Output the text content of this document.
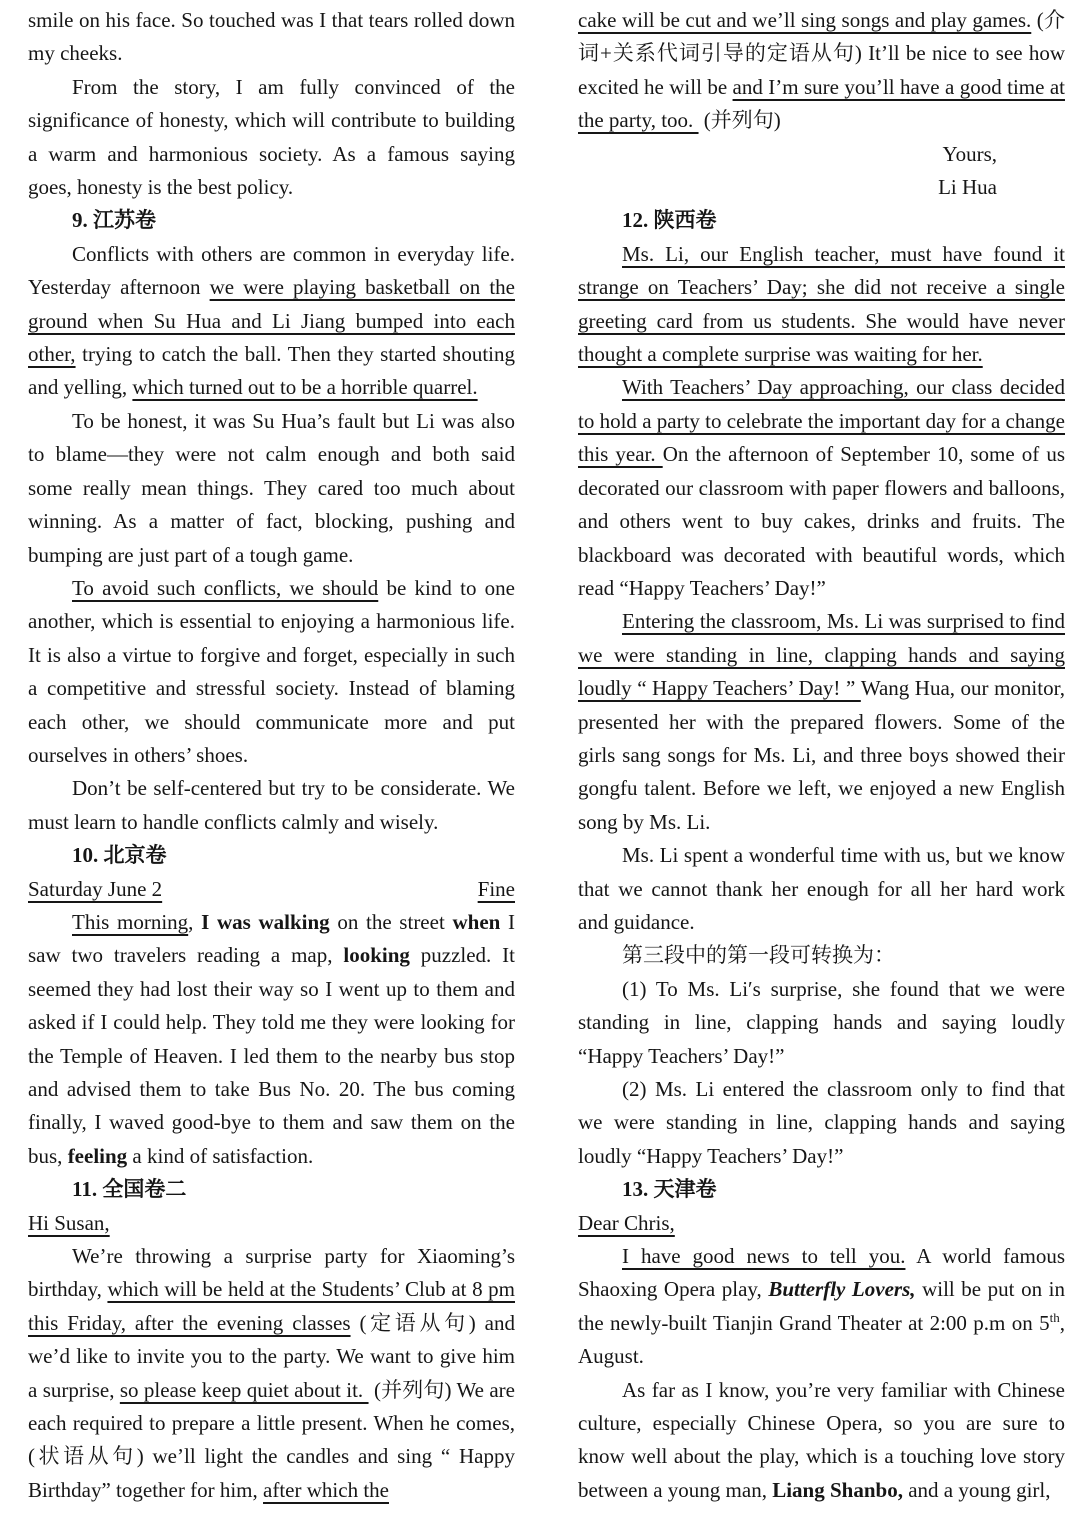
smile on his face. So touched was I that tears rolled down my cheeks.
From the story, I am fully convinced of the significance of honesty, which will contribute to building a warm and harmonious society. As a famous saying goes, honesty is the best policy.
9. 江苏卷
Conflicts with others are common in everyday life. Yesterday afternoon we were playing basketball on the ground when Su Hua and Li Jiang bumped into each other, trying to catch the ball. Then they started shouting and yelling, which turned out to be a horrible quarrel.
To be honest, it was Su Hua’s fault but Li was also to blame—they were not calm enough and both said some really mean things. They cared too much about winning. As a matter of fact, blocking, pushing and bumping are just part of a tough game.
To avoid such conflicts, we should be kind to one another, which is essential to enjoying a harmonious life. It is also a virtue to forgive and forget, especially in such a competitive and stressful society. Instead of blaming each other, we should communicate more and put ourselves in others’ shoes.
Don’t be self-centered but try to be considerate. We must learn to handle conflicts calmly and wisely.
10. 北京卷
Saturday June 2	Fine
This morning, I was walking on the street when I saw two travelers reading a map, looking puzzled. It seemed they had lost their way so I went up to them and asked if I could help. They told me they were looking for the Temple of Heaven. I led them to the nearby bus stop and advised them to take Bus No. 20. The bus coming finally, I waved good-bye to them and saw them on the bus, feeling a kind of satisfaction.
11. 全国卷二
Hi Susan,
We’re throwing a surprise party for Xiaoming’s birthday, which will be held at the Students’ Club at 8 pm this Friday, after the evening classes (定语从句) and we’d like to invite you to the party. We want to give him a surprise, so please keep quiet about it.  (并列句) We are each required to prepare a little present. When he comes, (状语从句) we’ll light the candles and sing “ Happy Birthday” together for him, after which the
cake will be cut and we’ll sing songs and play games. (介词+关系代词引导的定语从句) It’ll be nice to see how excited he will be and I’m sure you’ll have a good time at the party, too.  (并列句)
Yours,
Li Hua
12. 陕西卷
Ms. Li, our English teacher, must have found it strange on Teachers’ Day; she did not receive a single greeting card from us students. She would have never thought a complete surprise was waiting for her.
With Teachers’ Day approaching, our class decided to hold a party to celebrate the important day for a change this year. On the afternoon of September 10, some of us decorated our classroom with paper flowers and balloons, and others went to buy cakes, drinks and fruits. The blackboard was decorated with beautiful words, which read “Happy Teachers’ Day!”
Entering the classroom, Ms. Li was surprised to find we were standing in line, clapping hands and saying loudly “ Happy Teachers’ Day! ” Wang Hua, our monitor, presented her with the prepared flowers. Some of the girls sang songs for Ms. Li, and three boys showed their gongfu talent. Before we left, we enjoyed a new English song by Ms. Li.
Ms. Li spent a wonderful time with us, but we know that we cannot thank her enough for all her hard work and guidance.
第三段中的第一段可转换为：
(1) To Ms. Li′s surprise, she found that we were standing in line, clapping hands and saying loudly “Happy Teachers’ Day!”
(2) Ms. Li entered the classroom only to find that we were standing in line, clapping hands and saying loudly “Happy Teachers’ Day!”
13. 天津卷
Dear Chris,
I have good news to tell you. A world famous Shaoxing Opera play, Butterfly Lovers, will be put on in the newly-built Tianjin Grand Theater at 2:00 p.m on 5th, August.
As far as I know, you’re very familiar with Chinese culture, especially Chinese Opera, so you are sure to know well about the play, which is a touching love story between a young man, Liang Shanbo, and a young girl,
